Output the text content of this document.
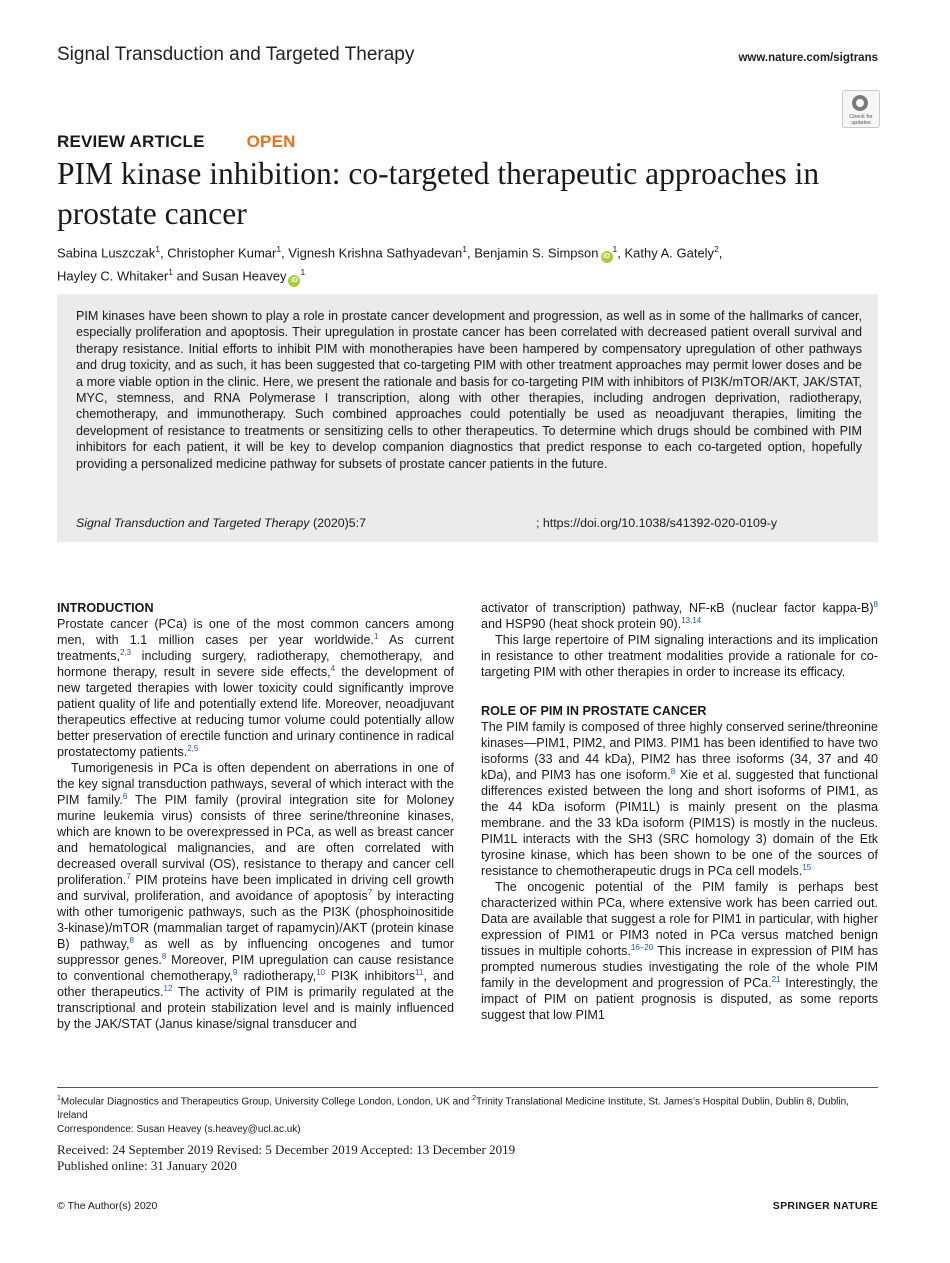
Signal Transduction and Targeted Therapy	www.nature.com/sigtrans
Check for updates
REVIEW ARTICLE OPEN
PIM kinase inhibition: co-targeted therapeutic approaches in prostate cancer
Sabina Luszczak$^1$, Christopher Kumar$^1$, Vignesh Krishna Sathyadevan$^1$, Benjamin S. Simpson $iD^1$, Kathy A. Gately$^2$,
Hayley C. Whitaker$^1$ and Susan Heavey $iD^1$
PIM kinases have been shown to play a role in prostate cancer development and progression, as well as in some of the hallmarks of cancer, especially proliferation and apoptosis. Their upregulation in prostate cancer has been correlated with decreased patient overall survival and therapy resistance. Initial efforts to inhibit PIM with monotherapies have been hampered by compensatory upregulation of other pathways and drug toxicity, and as such, it has been suggested that co-targeting PIM with other treatment approaches may permit lower doses and be a more viable option in the clinic. Here, we present the rationale and basis for co-targeting PIM with inhibitors of PI3K/mTOR/AKT, JAK/STAT, MYC, stemness, and RNA Polymerase I transcription, along with other therapies, including androgen deprivation, radiotherapy, chemotherapy, and immunotherapy. Such combined approaches could potentially be used as neoadjuvant therapies, limiting the development of resistance to treatments or sensitizing cells to other therapeutics. To determine which drugs should be combined with PIM inhibitors for each patient, it will be key to develop companion diagnostics that predict response to each co-targeted option, hopefully providing a personalized medicine pathway for subsets of prostate cancer patients in the future.
Signal Transduction and Targeted Therapy (2020)5:7	; https://doi.org/10.1038/s41392-020-0109-y
INTRODUCTION

Prostate cancer (PCa) is one of the most common cancers among men, with 1.1 million cases per year worldwide.$^1$ As current treatments,$^{2,3}$ including surgery, radiotherapy, chemotherapy, and hormone therapy, result in severe side effects,$^4$ the development of new targeted therapies with lower toxicity could significantly improve patient quality of life and potentially extend life. Moreover, neoadjuvant therapeutics effective at reducing tumor volume could potentially allow better preservation of erectile function and urinary continence in radical prostatectomy patients.$^{2,5}$

Tumorigenesis in PCa is often dependent on aberrations in one of the key signal transduction pathways, several of which interact with the PIM family.$^6$ The PIM family (proviral integration site for Moloney murine leukemia virus) consists of three serine/threonine kinases, which are known to be overexpressed in PCa, as well as breast cancer and hematological malignancies, and are often correlated with decreased overall survival (OS), resistance to therapy and cancer cell proliferation.$^7$ PIM proteins have been implicated in driving cell growth and survival, proliferation, and avoidance of apoptosis$^7$ by interacting with other tumorigenic pathways, such as the PI3K (phosphoinositide 3-kinase)/mTOR (mammalian target of rapamycin)/AKT (protein kinase B) pathway,$^8$ as well as by influencing oncogenes and tumor suppressor genes.$^8$ Moreover, PIM upregulation can cause resistance to conventional chemotherapy,$^9$ radiotherapy,$^{10}$ PI3K inhibitors$^{11}$, and other therapeutics.$^{12}$ The activity of PIM is primarily regulated at the transcriptional and protein stabilization level and is mainly influenced by the JAK/STAT (Janus kinase/signal transducer and

activator of transcription) pathway, NF-κB (nuclear factor kappa-B)$^8$ and HSP90 (heat shock protein 90).$^{13,14}$

This large repertoire of PIM signaling interactions and its implication in resistance to other treatment modalities provide a rationale for co-targeting PIM with other therapies in order to increase its efficacy.

ROLE OF PIM IN PROSTATE CANCER

The PIM family is composed of three highly conserved serine/threonine kinases—PIM1, PIM2, and PIM3. PIM1 has been identified to have two isoforms (33 and 44 kDa), PIM2 has three isoforms (34, 37 and 40 kDa), and PIM3 has one isoform.$^8$ Xie et al. suggested that functional differences existed between the long and short isoforms of PIM1, as the 44 kDa isoform (PIM1L) is mainly present on the plasma membrane. and the 33 kDa isoform (PIM1S) is mostly in the nucleus. PIM1L interacts with the SH3 (SRC homology 3) domain of the Etk tyrosine kinase, which has been shown to be one of the sources of resistance to chemotherapeutic drugs in PCa cell models.$^{15}$

The oncogenic potential of the PIM family is perhaps best characterized within PCa, where extensive work has been carried out. Data are available that suggest a role for PIM1 in particular, with higher expression of PIM1 or PIM3 noted in PCa versus matched benign tissues in multiple cohorts.$^{16-20}$ This increase in expression of PIM has prompted numerous studies investigating the role of the whole PIM family in the development and progression of PCa.$^{21}$ Interestingly, the impact of PIM on patient prognosis is disputed, as some reports suggest that low PIM1

$^1$Molecular Diagnostics and Therapeutics Group, University College London, London, UK and $^2$Trinity Translational Medicine Institute, St. James’s Hospital Dublin, Dublin 8, Dublin, Ireland
Correspondence: Susan Heavey (s.heavey@ucl.ac.uk)
Received: 24 September 2019 Revised: 5 December 2019 Accepted: 13 December 2019
Published online: 31 January 2020
© The Author(s) 2020	SPRINGER NATURE
